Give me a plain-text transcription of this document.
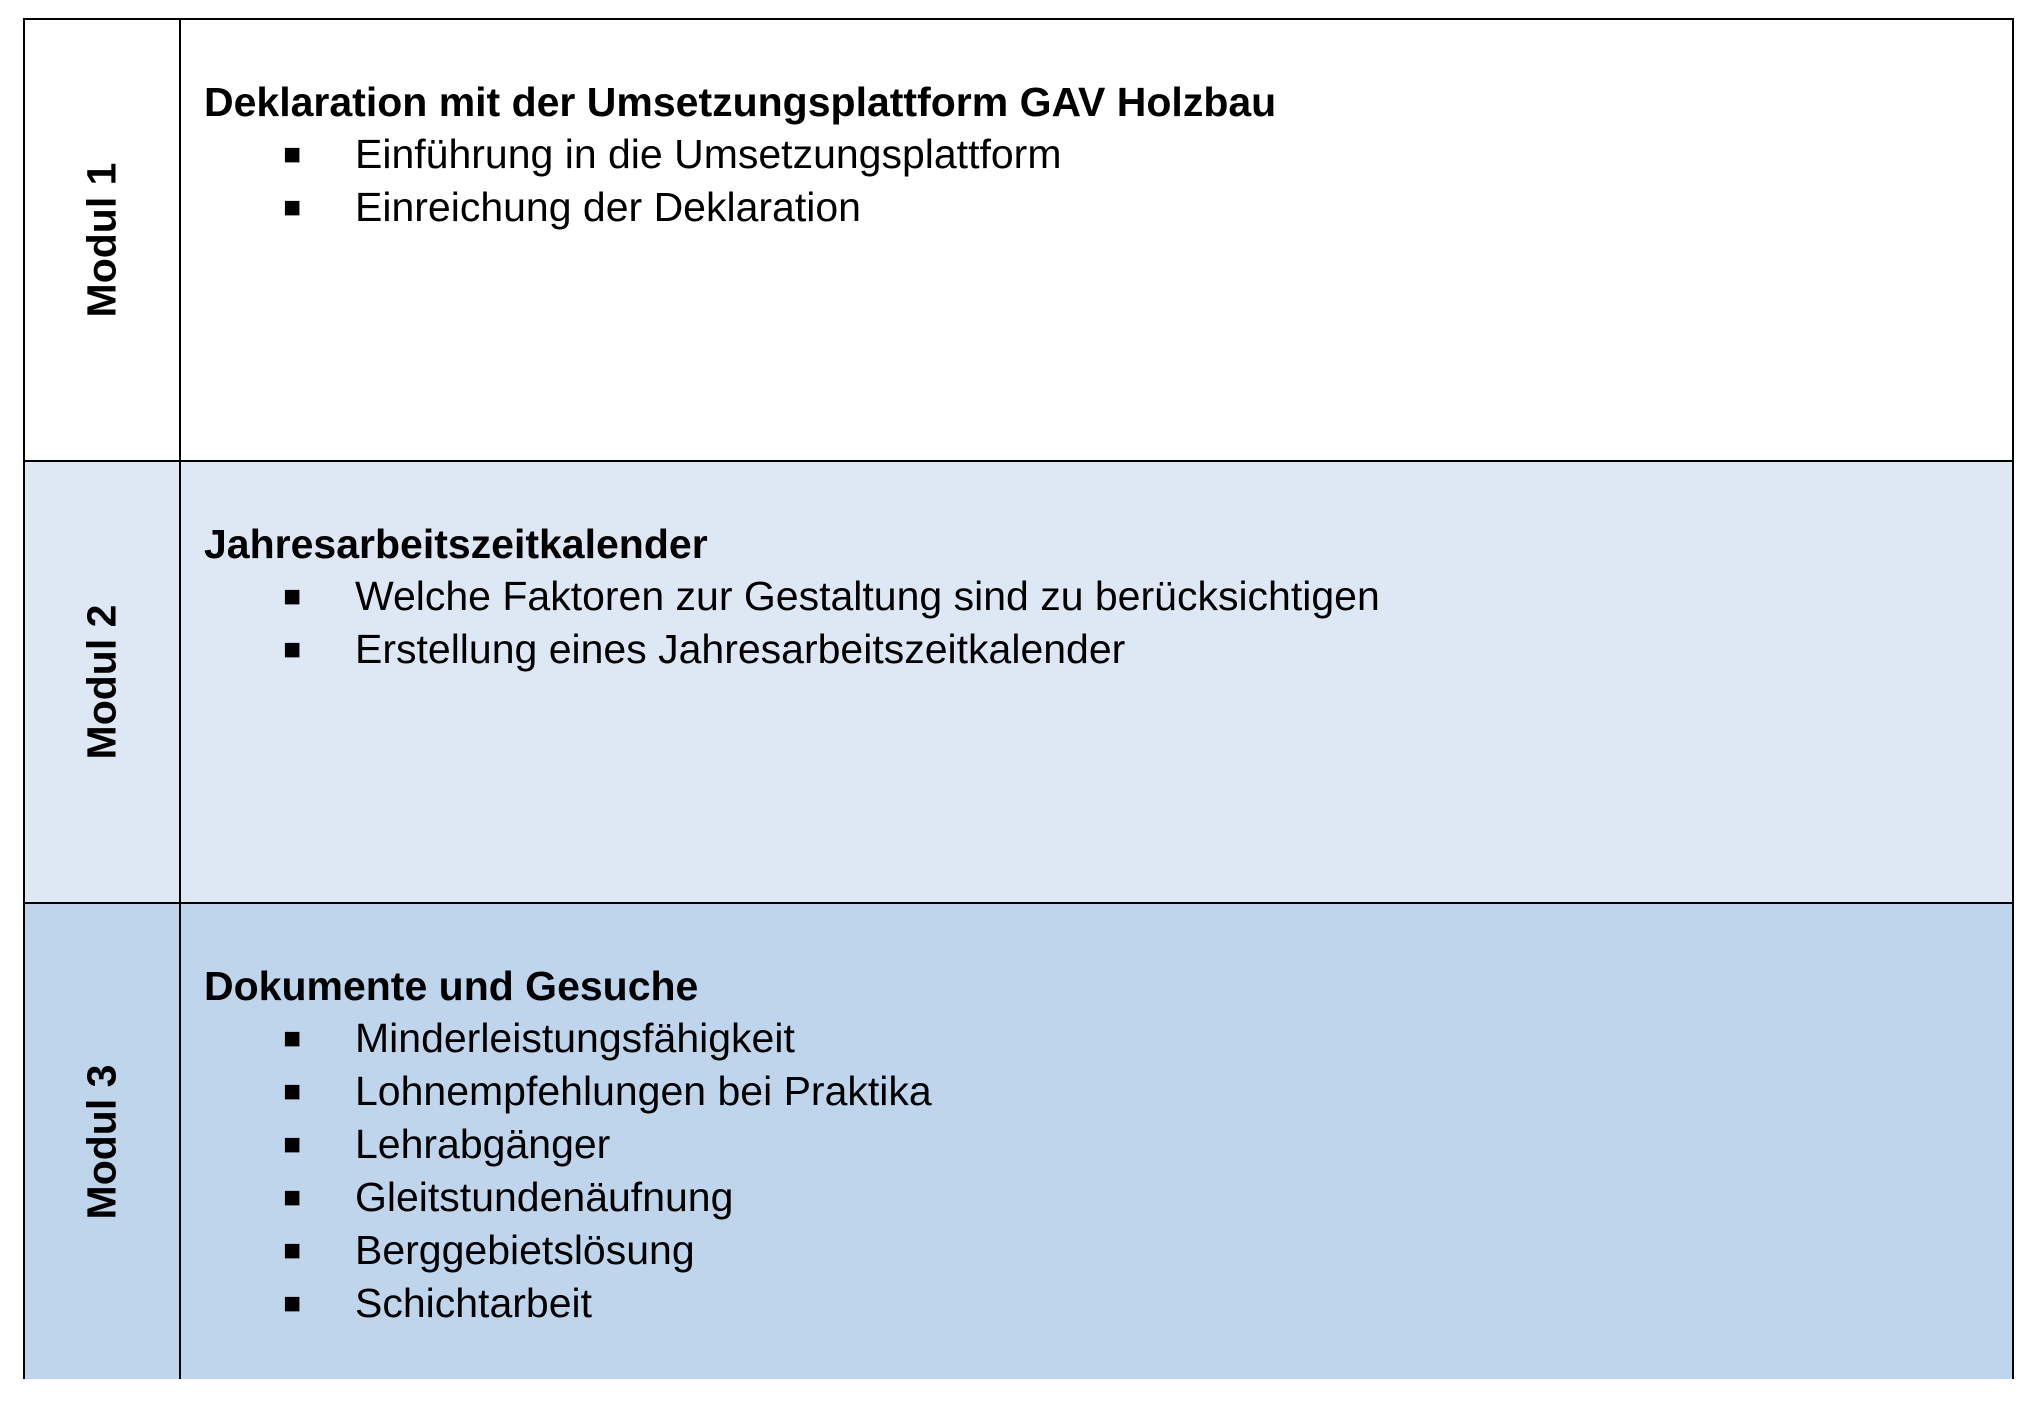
Modul 1
Deklaration mit der Umsetzungsplattform GAV Holzbau
■ Einführung in die Umsetzungsplattform
■ Einreichung der Deklaration
Modul 2
Jahresarbeitszeitkalender
■ Welche Faktoren zur Gestaltung sind zu berücksichtigen
■ Erstellung eines Jahresarbeitszeitkalender
Modul 3
Dokumente und Gesuche
■ Minderleistungsfähigkeit
■ Lohnempfehlungen bei Praktika
■ Lehrabgänger
■ Gleitstundenäufnung
■ Berggebietslösung
■ Schichtarbeit
